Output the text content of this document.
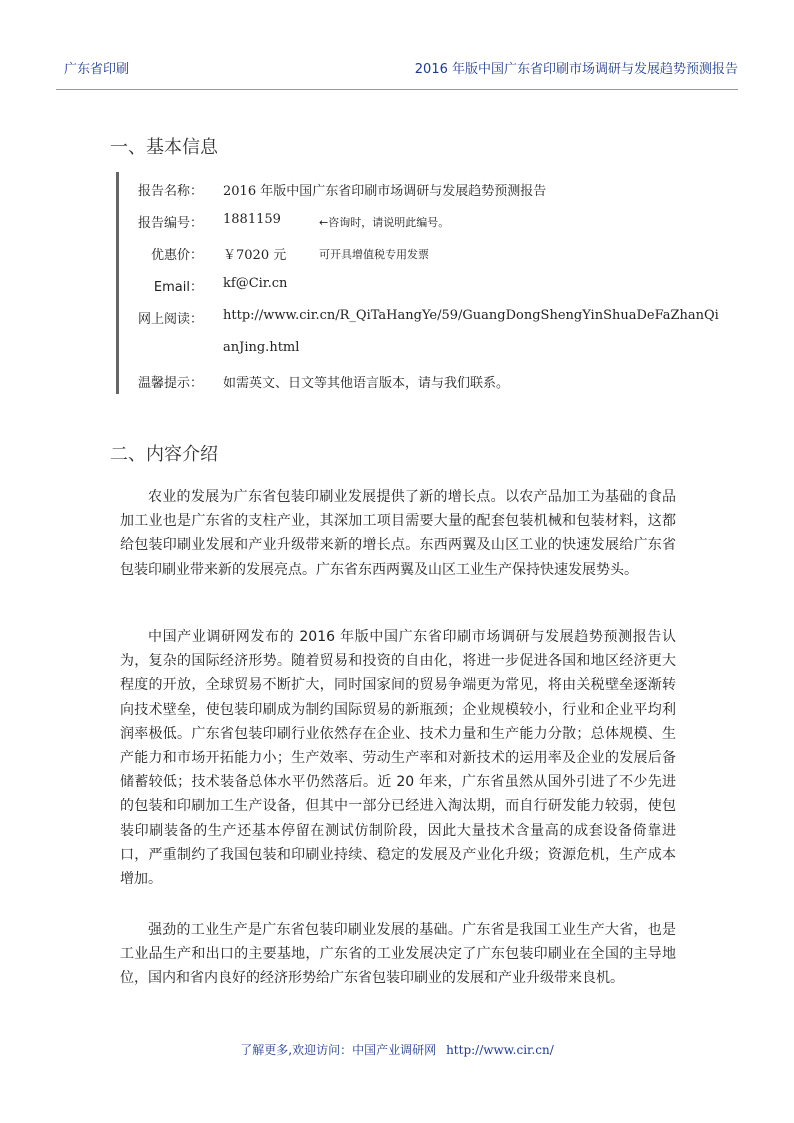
广东省印刷	2016 年版中国广东省印刷市场调研与发展趋势预测报告
一、基本信息
报告名称： 2016 年版中国广东省印刷市场调研与发展趋势预测报告
报告编号： 1881159	←咨询时，请说明此编号。
优惠价： ￥7020 元	可开具增值税专用发票
Email： kf@Cir.cn
网上阅读： http://www.cir.cn/R_QiTaHangYe/59/GuangDongShengYinShuaDeFaZhanQi
anJing.html
温馨提示： 如需英文、日文等其他语言版本，请与我们联系。
二、内容介绍

农业的发展为广东省包装印刷业发展提供了新的增长点。以农产品加工为基础的食品加工业也是广东省的支柱产业，其深加工项目需要大量的配套包装机械和包装材料，这都给包装印刷业发展和产业升级带来新的增长点。东西两翼及山区工业的快速发展给广东省包装印刷业带来新的发展亮点。广东省东西两翼及山区工业生产保持快速发展势头。

中国产业调研网发布的 2016 年版中国广东省印刷市场调研与发展趋势预测报告认为，复杂的国际经济形势。随着贸易和投资的自由化，将进一步促进各国和地区经济更大程度的开放，全球贸易不断扩大，同时国家间的贸易争端更为常见，将由关税壁垒逐渐转向技术壁垒，使包装印刷成为制约国际贸易的新瓶颈；企业规模较小，行业和企业平均利润率极低。广东省包装印刷行业依然存在企业、技术力量和生产能力分散；总体规模、生产能力和市场开拓能力小；生产效率、劳动生产率和对新技术的运用率及企业的发展后备储蓄较低；技术装备总体水平仍然落后。近 20 年来，广东省虽然从国外引进了不少先进的包装和印刷加工生产设备，但其中一部分已经进入淘汰期，而自行研发能力较弱，使包装印刷装备的生产还基本停留在测试仿制阶段，因此大量技术含量高的成套设备倚靠进口，严重制约了我国包装和印刷业持续、稳定的发展及产业化升级；资源危机，生产成本增加。

强劲的工业生产是广东省包装印刷业发展的基础。广东省是我国工业生产大省，也是工业品生产和出口的主要基地，广东省的工业发展决定了广东包装印刷业在全国的主导地位，国内和省内良好的经济形势给广东省包装印刷业的发展和产业升级带来良机。

了解更多,欢迎访问：中国产业调研网 http://www.cir.cn/
